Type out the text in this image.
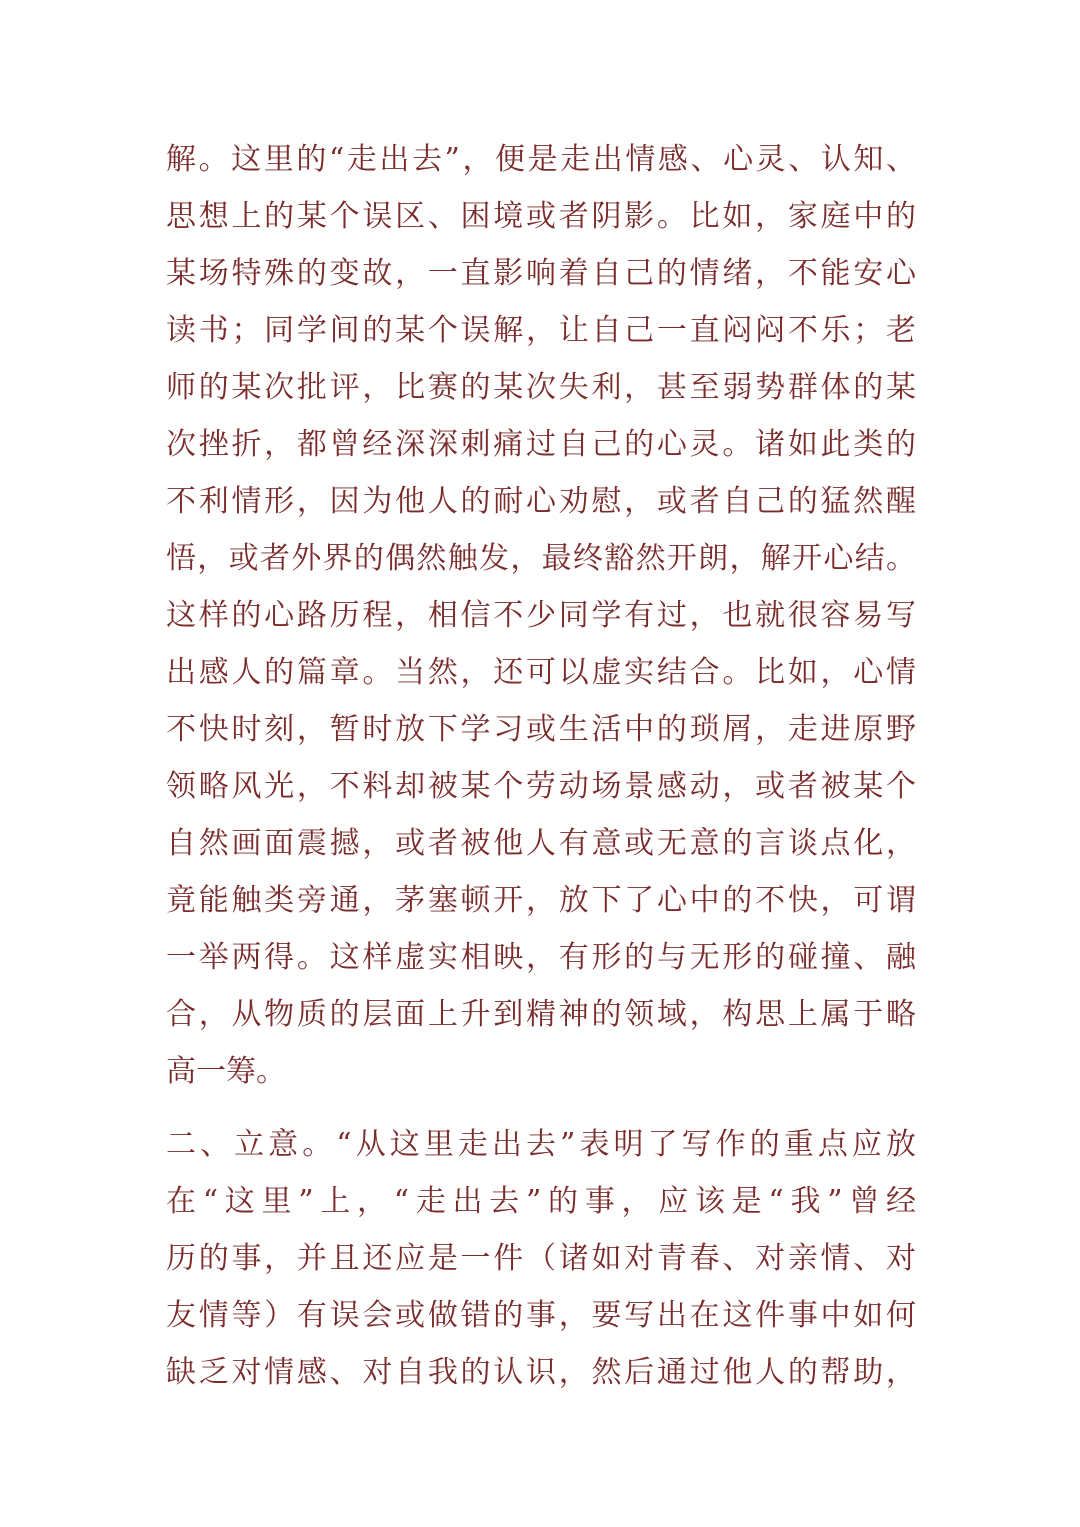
解。这里的“走出去”，便是走出情感、心灵、认知、
思想上的某个误区、困境或者阴影。比如，家庭中的
某场特殊的变故，一直影响着自己的情绪，不能安心
读书；同学间的某个误解，让自己一直闷闷不乐；老
师的某次批评，比赛的某次失利，甚至弱势群体的某
次挫折，都曾经深深刺痛过自己的心灵。诸如此类的
不利情形，因为他人的耐心劝慰，或者自己的猛然醒
悟，或者外界的偶然触发，最终豁然开朗，解开心结。
这样的心路历程，相信不少同学有过，也就很容易写
出感人的篇章。当然，还可以虚实结合。比如，心情
不快时刻，暂时放下学习或生活中的琐屑，走进原野
领略风光，不料却被某个劳动场景感动，或者被某个
自然画面震撼，或者被他人有意或无意的言谈点化，
竟能触类旁通，茅塞顿开，放下了心中的不快，可谓
一举两得。这样虚实相映，有形的与无形的碰撞、融
合，从物质的层面上升到精神的领域，构思上属于略
高一筹。
二、立意。“从这里走出去”表明了写作的重点应放
在“这里”上，“走出去”的事，应该是“我”曾经
历的事，并且还应是一件（诸如对青春、对亲情、对
友情等）有误会或做错的事，要写出在这件事中如何
缺乏对情感、对自我的认识，然后通过他人的帮助，
